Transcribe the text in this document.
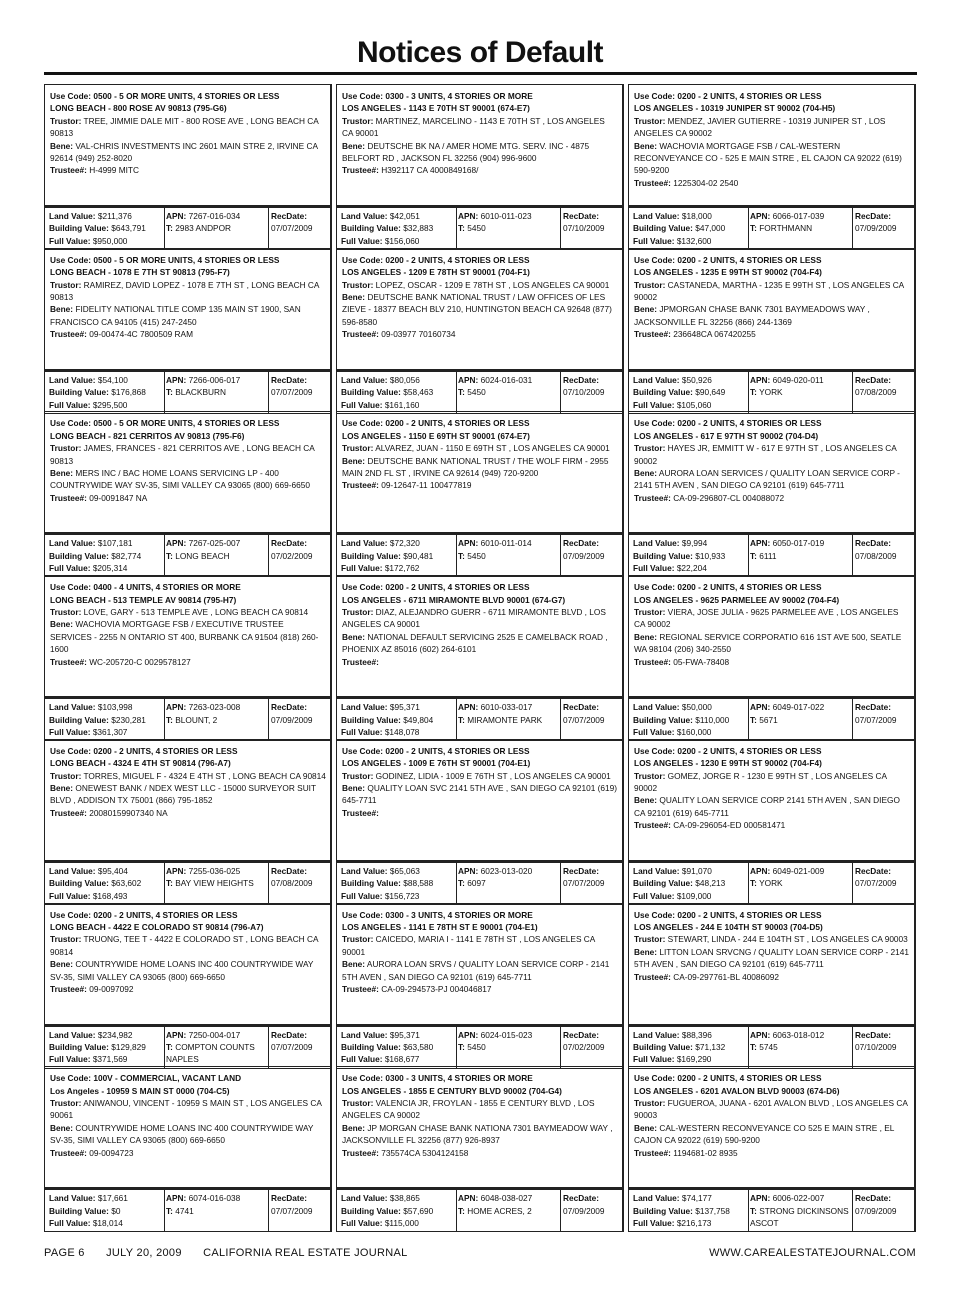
Notices of Default
Use Code: 0500 - 5 OR MORE UNITS, 4 STORIES OR LESS
LONG BEACH - 800 ROSE AV 90813 (795-G6)
Trustor: TREE, JIMMIE DALE MIT - 800 ROSE AVE , LONG BEACH CA 90813
Bene: VAL-CHRIS INVESTMENTS INC 2601 MAIN STRE 2, IRVINE CA 92614 (949) 252-8020
Trustee#: H-4999 MITC
Land Value: $211,376
Building Value: $643,791
Full Value: $950,000
APN: 7267-016-034
T: 2983 ANDPOR
RecDate:
07/07/2009
Use Code: 0500 - 5 OR MORE UNITS, 4 STORIES OR LESS
LONG BEACH - 1078 E 7TH ST 90813 (795-F7)
Trustor: RAMIREZ, DAVID LOPEZ - 1078 E 7TH ST , LONG BEACH CA 90813
Bene: FIDELITY NATIONAL TITLE COMP 135 MAIN ST 1900, SAN FRANCISCO CA 94105 (415) 247-2450
Trustee#: 09-00474-4C 7800509 RAM
Land Value: $54,100
Building Value: $176,868
Full Value: $295,500
APN: 7266-006-017
T: BLACKBURN
RecDate:
07/07/2009
Use Code: 0500 - 5 OR MORE UNITS, 4 STORIES OR LESS
LONG BEACH - 821 CERRITOS AV 90813 (795-F6)
Trustor: JAMES, FRANCES - 821 CERRITOS AVE , LONG BEACH CA 90813
Bene: MERS INC / BAC HOME LOANS SERVICING LP - 400 COUNTRYWIDE WAY SV-35, SIMI VALLEY CA 93065 (800) 669-6650
Trustee#: 09-0091847 NA
Land Value: $107,181
Building Value: $82,774
Full Value: $205,314
APN: 7267-025-007
T: LONG BEACH
RecDate:
07/02/2009
Use Code: 0400 - 4 UNITS, 4 STORIES OR MORE
LONG BEACH - 513 TEMPLE AV 90814 (795-H7)
Trustor: LOVE, GARY - 513 TEMPLE AVE , LONG BEACH CA 90814
Bene: WACHOVIA MORTGAGE FSB / EXECUTIVE TRUSTEE SERVICES - 2255 N ONTARIO ST 400, BURBANK CA 91504 (818) 260-1600
Trustee#: WC-205720-C 0029578127
Land Value: $103,998
Building Value: $230,281
Full Value: $361,307
APN: 7263-023-008
T: BLOUNT, 2
RecDate:
07/09/2009
Use Code: 0200 - 2 UNITS, 4 STORIES OR LESS
LONG BEACH - 4324 E 4TH ST 90814 (796-A7)
Trustor: TORRES, MIGUEL F - 4324 E 4TH ST , LONG BEACH CA 90814
Bene: ONEWEST BANK / NDEX WEST LLC - 15000 SURVEYOR SUIT BLVD , ADDISON TX 75001 (866) 795-1852
Trustee#: 20080159907340 NA
Land Value: $95,404
Building Value: $63,602
Full Value: $168,493
APN: 7255-036-025
T: BAY VIEW HEIGHTS
RecDate:
07/08/2009
Use Code: 0200 - 2 UNITS, 4 STORIES OR LESS
LONG BEACH - 4422 E COLORADO ST 90814 (796-A7)
Trustor: TRUONG, TEE T - 4422 E COLORADO ST , LONG BEACH CA 90814
Bene: COUNTRYWIDE HOME LOANS INC 400 COUNTRYWIDE WAY SV-35, SIMI VALLEY CA 93065 (800) 669-6650
Trustee#: 09-0097092
Land Value: $234,982
Building Value: $129,829
Full Value: $371,569
APN: 7250-004-017
T: COMPTON COUNTS NAPLES
RecDate:
07/07/2009
Use Code: 100V - COMMERCIAL, VACANT LAND
Los Angeles - 10959 S MAIN ST 0000 (704-C5)
Trustor: ANIWANOU, VINCENT - 10959 S MAIN ST , LOS ANGELES CA 90061
Bene: COUNTRYWIDE HOME LOANS INC 400 COUNTRYWIDE WAY SV-35, SIMI VALLEY CA 93065 (800) 669-6650
Trustee#: 09-0094723
Land Value: $17,661
Building Value: $0
Full Value: $18,014
APN: 6074-016-038
T: 4741
RecDate:
07/07/2009
Use Code: 0300 - 3 UNITS, 4 STORIES OR MORE
LOS ANGELES - 1143 E 70TH ST 90001 (674-E7)
Trustor: MARTINEZ, MARCELINO - 1143 E 70TH ST , LOS ANGELES CA 90001
Bene: DEUTSCHE BK NA / AMER HOME MTG. SERV. INC - 4875 BELFORT RD , JACKSON FL 32256 (904) 996-9600
Trustee#: H392117 CA 4000849168/
Land Value: $42,051
Building Value: $32,883
Full Value: $156,060
APN: 6010-011-023
T: 5450
RecDate:
07/10/2009
Use Code: 0200 - 2 UNITS, 4 STORIES OR LESS
LOS ANGELES - 1209 E 78TH ST 90001 (704-F1)
Trustor: LOPEZ, OSCAR - 1209 E 78TH ST , LOS ANGELES CA 90001
Bene: DEUTSCHE BANK NATIONAL TRUST / LAW OFFICES OF LES ZIEVE - 18377 BEACH BLV 210, HUNTINGTON BEACH CA 92648 (877) 596-8580
Trustee#: 09-03977 70160734
Land Value: $80,056
Building Value: $58,463
Full Value: $161,160
APN: 6024-016-031
T: 5450
RecDate:
07/10/2009
Use Code: 0200 - 2 UNITS, 4 STORIES OR LESS
LOS ANGELES - 1150 E 69TH ST 90001 (674-E7)
Trustor: ALVAREZ, JUAN - 1150 E 69TH ST , LOS ANGELES CA 90001
Bene: DEUTSCHE BANK NATIONAL TRUST / THE WOLF FIRM - 2955 MAIN 2ND FL ST , IRVINE CA 92614 (949) 720-9200
Trustee#: 09-12647-11 100477819
Land Value: $72,320
Building Value: $90,481
Full Value: $172,762
APN: 6010-011-014
T: 5450
RecDate:
07/09/2009
Use Code: 0200 - 2 UNITS, 4 STORIES OR LESS
LOS ANGELES - 6711 MIRAMONTE BLVD 90001 (674-G7)
Trustor: DIAZ, ALEJANDRO GUERR - 6711 MIRAMONTE BLVD , LOS ANGELES CA 90001
Bene: NATIONAL DEFAULT SERVICING 2525 E CAMELBACK ROAD , PHOENIX AZ 85016 (602) 264-6101
Trustee#:
Land Value: $95,371
Building Value: $49,804
Full Value: $148,078
APN: 6010-033-017
T: MIRAMONTE PARK
RecDate:
07/07/2009
Use Code: 0200 - 2 UNITS, 4 STORIES OR LESS
LOS ANGELES - 1009 E 76TH ST 90001 (704-E1)
Trustor: GODINEZ, LIDIA - 1009 E 76TH ST , LOS ANGELES CA 90001
Bene: QUALITY LOAN SVC 2141 5TH AVE , SAN DIEGO CA 92101 (619) 645-7711
Trustee#:
Land Value: $65,063
Building Value: $88,588
Full Value: $156,723
APN: 6023-013-020
T: 6097
RecDate:
07/07/2009
Use Code: 0300 - 3 UNITS, 4 STORIES OR MORE
LOS ANGELES - 1141 E 78TH ST E 90001 (704-E1)
Trustor: CAICEDO, MARIA I - 1141 E 78TH ST , LOS ANGELES CA 90001
Bene: AURORA LOAN SRVS / QUALITY LOAN SERVICE CORP - 2141 5TH AVEN , SAN DIEGO CA 92101 (619) 645-7711
Trustee#: CA-09-294573-PJ 004046817
Land Value: $95,371
Building Value: $63,580
Full Value: $168,677
APN: 6024-015-023
T: 5450
RecDate:
07/02/2009
Use Code: 0300 - 3 UNITS, 4 STORIES OR MORE
LOS ANGELES - 1855 E CENTURY BLVD 90002 (704-G4)
Trustor: VALENCIA JR, FROYLAN - 1855 E CENTURY BLVD , LOS ANGELES CA 90002
Bene: JP MORGAN CHASE BANK NATIONA 7301 BAYMEADOW WAY , JACKSONVILLE FL 32256 (877) 926-8937
Trustee#: 735574CA 5304124158
Land Value: $38,865
Building Value: $57,690
Full Value: $115,000
APN: 6048-038-027
T: HOME ACRES, 2
RecDate:
07/09/2009
Use Code: 0200 - 2 UNITS, 4 STORIES OR LESS
LOS ANGELES - 10319 JUNIPER ST 90002 (704-H5)
Trustor: MENDEZ, JAVIER GUTIERRE - 10319 JUNIPER ST , LOS ANGELES CA 90002
Bene: WACHOVIA MORTGAGE FSB / CAL-WESTERN RECONVEYANCE CO - 525 E MAIN STRE , EL CAJON CA 92022 (619) 590-9200
Trustee#: 1225304-02 2540
Land Value: $18,000
Building Value: $47,000
Full Value: $132,600
APN: 6066-017-039
T: FORTHMANN
RecDate:
07/09/2009
Use Code: 0200 - 2 UNITS, 4 STORIES OR LESS
LOS ANGELES - 1235 E 99TH ST 90002 (704-F4)
Trustor: CASTANEDA, MARTHA - 1235 E 99TH ST , LOS ANGELES CA 90002
Bene: JPMORGAN CHASE BANK 7301 BAYMEADOWS WAY , JACKSONVILLE FL 32256 (866) 244-1369
Trustee#: 236648CA 067420255
Land Value: $50,926
Building Value: $90,649
Full Value: $105,060
APN: 6049-020-011
T: YORK
RecDate:
07/08/2009
Use Code: 0200 - 2 UNITS, 4 STORIES OR LESS
LOS ANGELES - 617 E 97TH ST 90002 (704-D4)
Trustor: HAYES JR, EMMITT W - 617 E 97TH ST , LOS ANGELES CA 90002
Bene: AURORA LOAN SERVICES / QUALITY LOAN SERVICE CORP - 2141 5TH AVEN , SAN DIEGO CA 92101 (619) 645-7711
Trustee#: CA-09-296807-CL 004088072
Land Value: $9,994
Building Value: $10,933
Full Value: $22,204
APN: 6050-017-019
T: 6111
RecDate:
07/08/2009
Use Code: 0200 - 2 UNITS, 4 STORIES OR LESS
LOS ANGELES - 9625 PARMELEE AV 90002 (704-F4)
Trustor: VIERA, JOSE JULIA - 9625 PARMELEE AVE , LOS ANGELES CA 90002
Bene: REGIONAL SERVICE CORPORATIO 616 1ST AVE 500, SEATLE WA 98104 (206) 340-2550
Trustee#: 05-FWA-78408
Land Value: $50,000
Building Value: $110,000
Full Value: $160,000
APN: 6049-017-022
T: 5671
RecDate:
07/07/2009
Use Code: 0200 - 2 UNITS, 4 STORIES OR LESS
LOS ANGELES - 1230 E 99TH ST 90002 (704-F4)
Trustor: GOMEZ, JORGE R - 1230 E 99TH ST , LOS ANGELES CA 90002
Bene: QUALITY LOAN SERVICE CORP 2141 5TH AVEN , SAN DIEGO CA 92101 (619) 645-7711
Trustee#: CA-09-296054-ED 000581471
Land Value: $91,070
Building Value: $48,213
Full Value: $109,000
APN: 6049-021-009
T: YORK
RecDate:
07/07/2009
Use Code: 0200 - 2 UNITS, 4 STORIES OR LESS
LOS ANGELES - 244 E 104TH ST 90003 (704-D5)
Trustor: STEWART, LINDA - 244 E 104TH ST , LOS ANGELES CA 90003
Bene: LITTON LOAN SRVCNG / QUALITY LOAN SERVICE CORP - 2141 5TH AVEN , SAN DIEGO CA 92101 (619) 645-7711
Trustee#: CA-09-297761-BL 40086092
Land Value: $88,396
Building Value: $71,132
Full Value: $169,290
APN: 6063-018-012
T: 5745
RecDate:
07/10/2009
Use Code: 0200 - 2 UNITS, 4 STORIES OR LESS
LOS ANGELES - 6201 AVALON BLVD 90003 (674-D6)
Trustor: FUGUEROA, JUANA - 6201 AVALON BLVD , LOS ANGELES CA 90003
Bene: CAL-WESTERN RECONVEYANCE CO 525 E MAIN STRE , EL CAJON CA 92022 (619) 590-9200
Trustee#: 1194681-02 8935
Land Value: $74,177
Building Value: $137,758
Full Value: $216,173
APN: 6006-022-007
T: STRONG DICKINSONS ASCOT
RecDate:
07/09/2009
PAGE 6 JULY 20, 2009 CALIFORNIA REAL ESTATE JOURNAL	WWW.CAREALESTATEJOURNAL.COM
